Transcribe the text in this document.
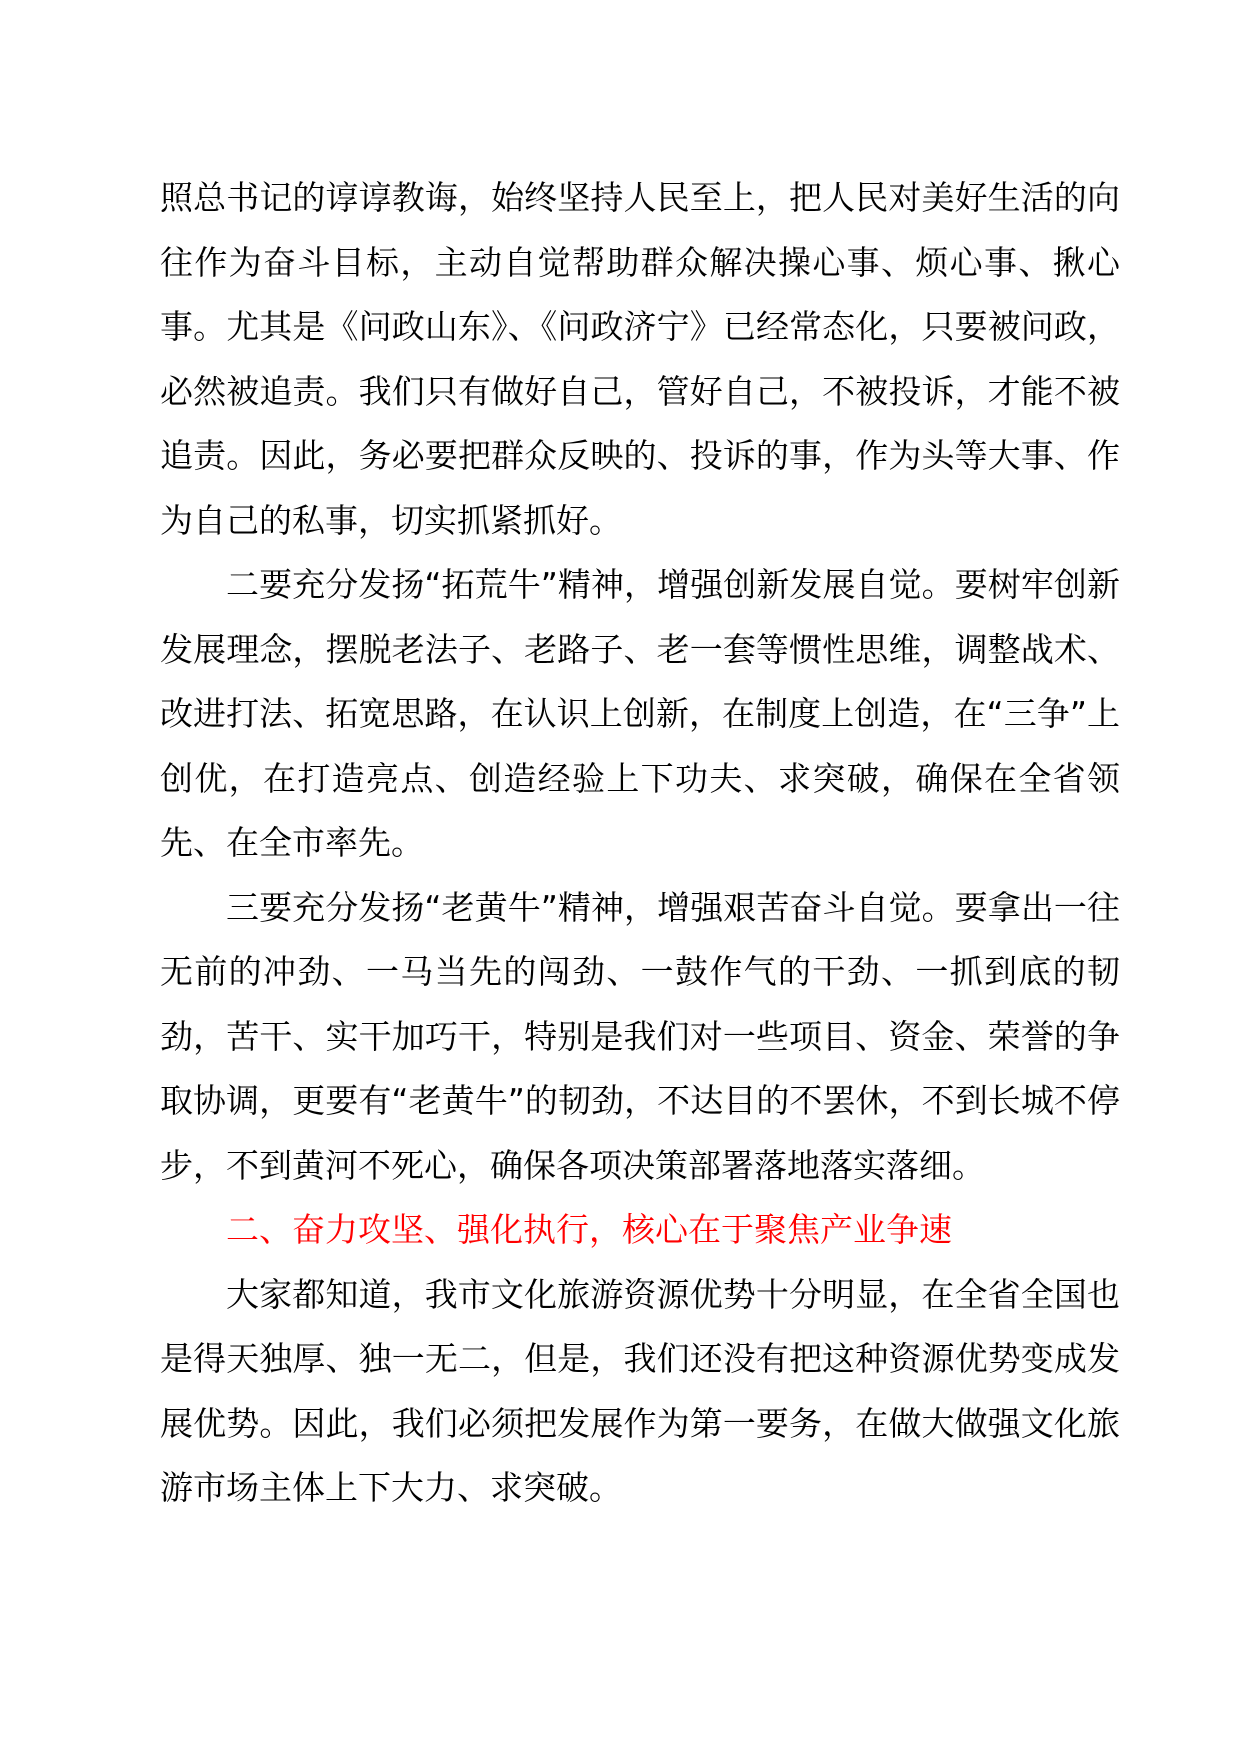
照总书记的谆谆教诲，始终坚持人民至上，把人民对美好生活的向往作为奋斗目标，主动自觉帮助群众解决操心事、烦心事、揪心事。尤其是《问政山东》、《问政济宁》已经常态化，只要被问政，必然被追责。我们只有做好自己，管好自己，不被投诉，才能不被追责。因此，务必要把群众反映的、投诉的事，作为头等大事、作为自己的私事，切实抓紧抓好。

二要充分发扬“拓荒牛”精神，增强创新发展自觉。要树牢创新发展理念，摆脱老法子、老路子、老一套等惯性思维，调整战术、改进打法、拓宽思路，在认识上创新，在制度上创造，在“三争”上创优，在打造亮点、创造经验上下功夫、求突破，确保在全省领先、在全市率先。

三要充分发扬“老黄牛”精神，增强艰苦奋斗自觉。要拿出一往无前的冲劲、一马当先的闯劲、一鼓作气的干劲、一抓到底的韧劲，苦干、实干加巧干，特别是我们对一些项目、资金、荣誉的争取协调，更要有“老黄牛”的韧劲，不达目的不罢休，不到长城不停步，不到黄河不死心，确保各项决策部署落地落实落细。

二、奋力攻坚、强化执行，核心在于聚焦产业争速

大家都知道，我市文化旅游资源优势十分明显，在全省全国也是得天独厚、独一无二，但是，我们还没有把这种资源优势变成发展优势。因此，我们必须把发展作为第一要务，在做大做强文化旅游市场主体上下大力、求突破。
